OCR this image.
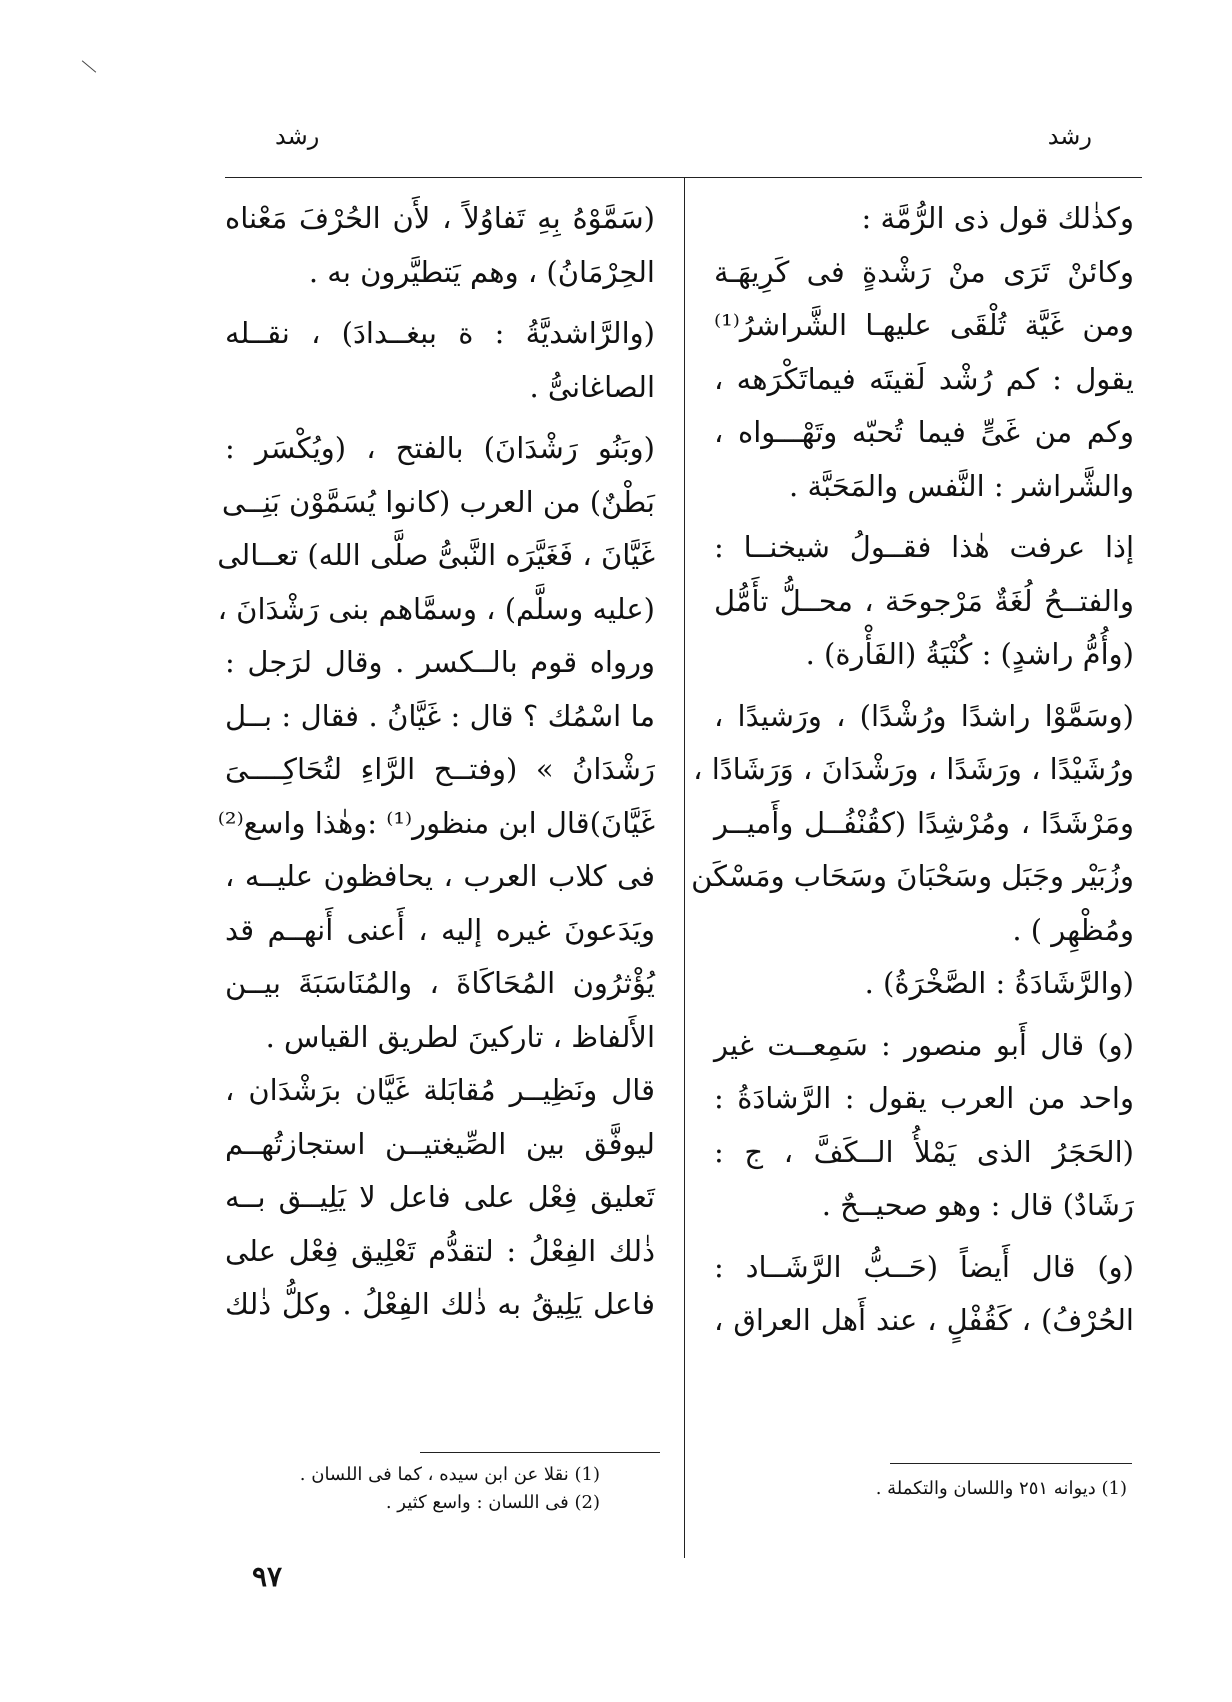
رشد
رشد
وكذٰلك قول ذى الرُّمَّة :
وكائنْ تَرَى منْ رَشْدةٍ فى كَرِيهَـة
ومن غَيَّة تُلْقَى عليهـا الشَّراشرُ⁽¹⁾
يقول : كم رُشْد لَقيتَه فيماتَكْرَهه ،
وكم من غَىٍّ فيما تُحبّه وتَهْـــواه ،
والشَّراشر : النَّفس والمَحَبَّة .
إذا عرفت هٰذا فقــولُ شيخنــا :
والفتــحُ لُغَةٌ مَرْجوحَة ، محــلُّ تأَمُّل
(وأُمُّ راشدٍ) : كُنْيَةُ (الفَأْرة) .
(وسَمَّوْا راشدًا ورُشْدًا) ، ورَشيدًا ،
ورُشَيْدًا ، ورَشَدًا ، ورَشْدَانَ ، وَرَشَادًا ،
ومَرْشَدًا ، ومُرْشِدًا (كقُنْفُــل وأَميــر
وزُبَيْر وجَبَل وسَحْبَانَ وسَحَاب ومَسْكَن
ومُظْهِر ) .
(والرَّشَادَةُ : الصَّخْرَةُ) .
(و) قال أَبو منصور : سَمِعــت غير
واحد من العرب يقول : الرَّشادَةُ :
(الحَجَرُ الذى يَمْلأُ الــكَفَّ ، ج :
رَشَادٌ) قال : وهو صحيــحٌ .
(و) قال أَيضاً (حَــبُّ الرَّشَــاد :
الحُرْفُ) ، كَقُفْلٍ ، عند أَهل العراق ،
(سَمَّوْهُ بِهِ تَفاوُلاً ، لأَن الحُرْفَ مَعْناه
الحِرْمَانُ) ، وهم يَتطيَّرون به .
(والرَّاشديَّةُ : ة ببغــدادَ) ، نقــله
الصاغانىُّ .
(وبَنُو رَشْدَانَ) بالفتح ، (ويُكْسَر :
بَطْنٌ) من العرب (كانوا يُسَمَّوْن بَنِــى
غَيَّانَ ، فَغَيَّرَه النَّبىُّ صلَّى الله) تعــالى
(عليه وسلَّم) ، وسمَّاهم بنى رَشْدَانَ ،
ورواه قوم بالــكسر . وقال لرَجل :
ما اسْمُك ؟ قال : غَيَّانُ . فقال : بــل
رَشْدَانُ » (وفتــح الرَّاءِ لتُحَاكِــــىَ
غَيَّانَ)قال ابن منظور⁽¹⁾ :وهٰذا واسع⁽²⁾
فى كلاب العرب ، يحافظون عليــه ،
ويَدَعونَ غيره إليه ، أَعنى أَنهــم قد
يُؤْثرُون المُحَاكَاةَ ، والمُنَاسَبَةَ بيــن
الأَلفاظ ، تاركينَ لطريق القياس .
قال ونَظِيــر مُقابَلة غَيَّان برَشْدَان ،
ليوفَّق بين الصِّيغتيــن استجازتُهــم
تَعليق فِعْل على فاعل لا يَلِيــق بــه
ذٰلك الفِعْلُ : لتقدُّم تَعْلِيق فِعْل على
فاعل يَلِيقُ به ذٰلك الفِعْلُ . وكلُّ ذٰلك
(1) ديوانه ٢٥١ واللسان والتكملة .
(1) نقلا عن ابن سيده ، كما فى اللسان .
(2) فى اللسان : واسع كثير .
٩٧
